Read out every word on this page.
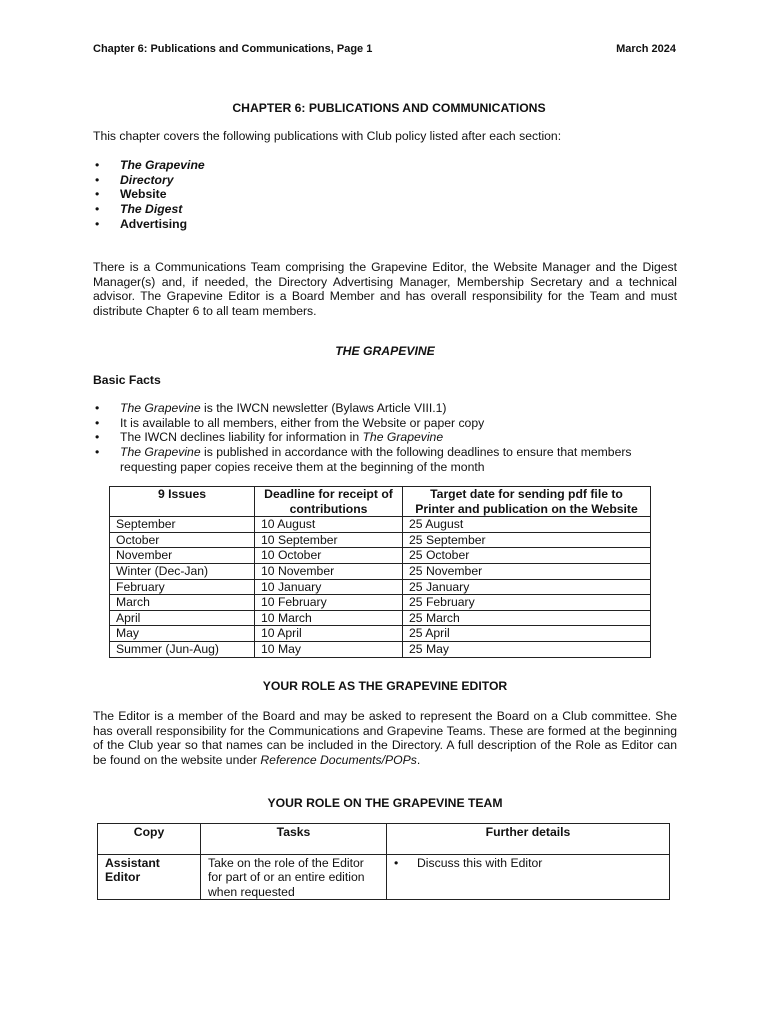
Chapter 6: Publications and Communications, Page 1	March 2024
CHAPTER 6: PUBLICATIONS AND COMMUNICATIONS
This chapter covers the following publications with Club policy listed after each section:
• The Grapevine
• Directory
• Website
• The Digest
• Advertising
There is a Communications Team comprising the Grapevine Editor, the Website Manager and the Digest Manager(s) and, if needed, the Directory Advertising Manager, Membership Secretary and a technical advisor. The Grapevine Editor is a Board Member and has overall responsibility for the Team and must distribute Chapter 6 to all team members.
THE GRAPEVINE
Basic Facts
• The Grapevine is the IWCN newsletter (Bylaws Article VIII.1)
• It is available to all members, either from the Website or paper copy
• The IWCN declines liability for information in The Grapevine
• The Grapevine is published in accordance with the following deadlines to ensure that members requesting paper copies receive them at the beginning of the month
9 Issues	Deadline for receipt of contributions	Target date for sending pdf file to Printer and publication on the Website
September	10 August	25 August
October	10 September	25 September
November	10 October	25 October
Winter (Dec-Jan)	10 November	25 November
February	10 January	25 January
March	10 February	25 February
April	10 March	25 March
May	10 April	25 April
Summer (Jun-Aug)	10 May	25 May
YOUR ROLE AS THE GRAPEVINE EDITOR
The Editor is a member of the Board and may be asked to represent the Board on a Club committee. She has overall responsibility for the Communications and Grapevine Teams. These are formed at the beginning of the Club year so that names can be included in the Directory. A full description of the Role as Editor can be found on the website under Reference Documents/POPs.
YOUR ROLE ON THE GRAPEVINE TEAM
Copy	Tasks	Further details
Assistant Editor	Take on the role of the Editor for part of or an entire edition when requested	• Discuss this with Editor
